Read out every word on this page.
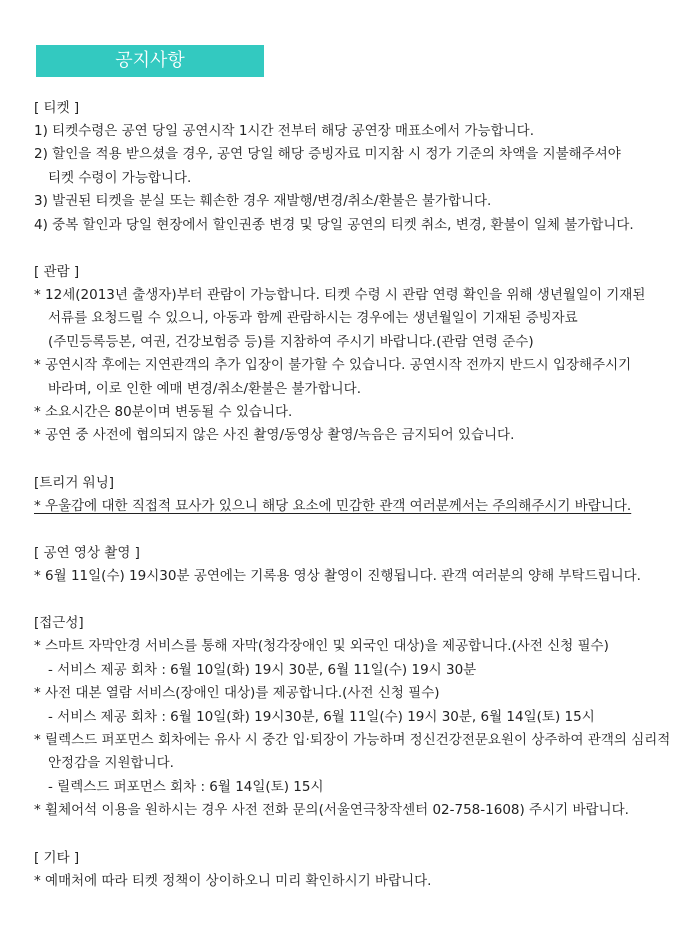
공지사항
[ 티켓 ]
1) 티켓수령은 공연 당일 공연시작 1시간 전부터 해당 공연장 매표소에서 가능합니다.
2) 할인을 적용 받으셨을 경우, 공연 당일 해당 증빙자료 미지참 시 정가 기준의 차액을 지불해주셔야
티켓 수령이 가능합니다.
3) 발권된 티켓을 분실 또는 훼손한 경우 재발행/변경/취소/환불은 불가합니다.
4) 중복 할인과 당일 현장에서 할인권종 변경 및 당일 공연의 티켓 취소, 변경, 환불이 일체 불가합니다.
[ 관람 ]
* 12세(2013년 출생자)부터 관람이 가능합니다. 티켓 수령 시 관람 연령 확인을 위해 생년월일이 기재된
서류를 요청드릴 수 있으니, 아동과 함께 관람하시는 경우에는 생년월일이 기재된 증빙자료
(주민등록등본, 여권, 건강보험증 등)를 지참하여 주시기 바랍니다.(관람 연령 준수)
* 공연시작 후에는 지연관객의 추가 입장이 불가할 수 있습니다. 공연시작 전까지 반드시 입장해주시기
바라며, 이로 인한 예매 변경/취소/환불은 불가합니다.
* 소요시간은 80분이며 변동될 수 있습니다.
* 공연 중 사전에 협의되지 않은 사진 촬영/동영상 촬영/녹음은 금지되어 있습니다.
[트리거 워닝]
* 우울감에 대한 직접적 묘사가 있으니 해당 요소에 민감한 관객 여러분께서는 주의해주시기 바랍니다.
[ 공연 영상 촬영 ]
* 6월 11일(수) 19시30분 공연에는 기록용 영상 촬영이 진행됩니다. 관객 여러분의 양해 부탁드립니다.
[접근성]
* 스마트 자막안경 서비스를 통해 자막(청각장애인 및 외국인 대상)을 제공합니다.(사전 신청 필수)
- 서비스 제공 회차 : 6월 10일(화) 19시 30분, 6월 11일(수) 19시 30분
* 사전 대본 열람 서비스(장애인 대상)를 제공합니다.(사전 신청 필수)
- 서비스 제공 회차 : 6월 10일(화) 19시30분, 6월 11일(수) 19시 30분, 6월 14일(토) 15시
* 릴렉스드 퍼포먼스 회차에는 유사 시 중간 입·퇴장이 가능하며 정신건강전문요원이 상주하여 관객의 심리적
안정감을 지원합니다.
- 릴렉스드 퍼포먼스 회차 : 6월 14일(토) 15시
* 휠체어석 이용을 원하시는 경우 사전 전화 문의(서울연극창작센터 02-758-1608) 주시기 바랍니다.
[ 기타 ]
* 예매처에 따라 티켓 정책이 상이하오니 미리 확인하시기 바랍니다.
